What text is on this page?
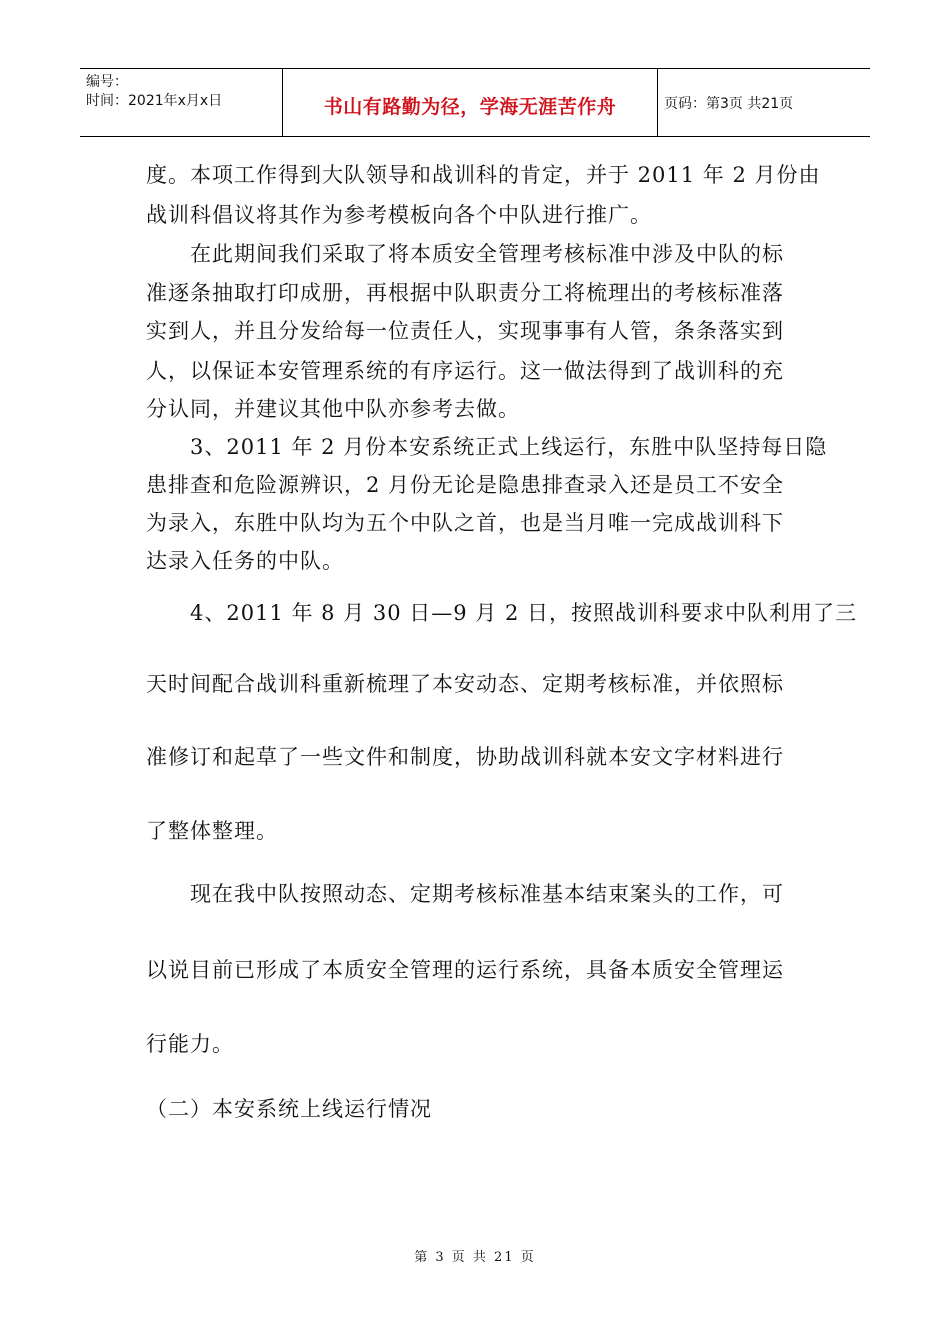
编号：
时间：2021年x月x日	书山有路勤为径，学海无涯苦作舟	页码：第3页 共21页
度。本项工作得到大队领导和战训科的肯定，并于 2011 年 2 月份由
战训科倡议将其作为参考模板向各个中队进行推广。
　　在此期间我们采取了将本质安全管理考核标准中涉及中队的标
准逐条抽取打印成册，再根据中队职责分工将梳理出的考核标准落
实到人，并且分发给每一位责任人，实现事事有人管，条条落实到
人，以保证本安管理系统的有序运行。这一做法得到了战训科的充
分认同，并建议其他中队亦参考去做。
　　3、2011 年 2 月份本安系统正式上线运行，东胜中队坚持每日隐
患排查和危险源辨识，2 月份无论是隐患排查录入还是员工不安全
为录入，东胜中队均为五个中队之首，也是当月唯一完成战训科下
达录入任务的中队。
　　4、2011 年 8 月 30 日—9 月 2 日，按照战训科要求中队利用了三
天时间配合战训科重新梳理了本安动态、定期考核标准，并依照标
准修订和起草了一些文件和制度，协助战训科就本安文字材料进行
了整体整理。
　　现在我中队按照动态、定期考核标准基本结束案头的工作，可
以说目前已形成了本质安全管理的运行系统，具备本质安全管理运
行能力。
（二）本安系统上线运行情况
第 3 页 共 21 页
